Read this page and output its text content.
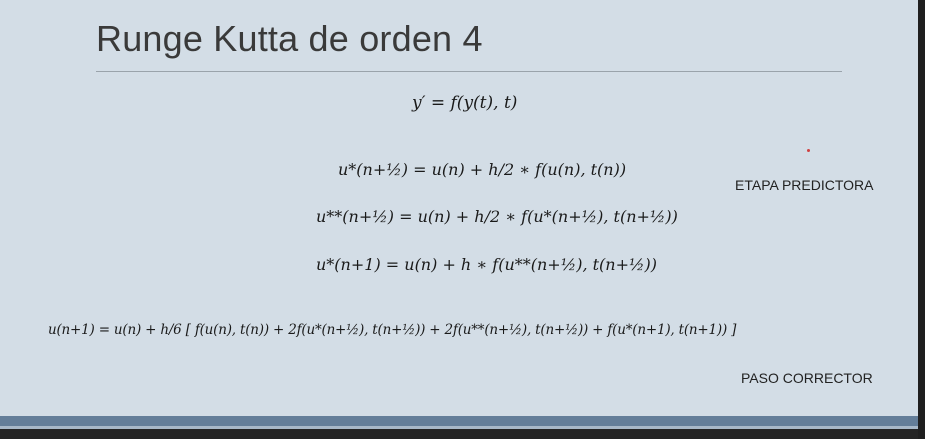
Runge Kutta de orden 4
y′ = f(y(t), t)
u*(n+½) = u(n) + h/2 ∗ f(u(n), t(n))
u**(n+½) = u(n) + h/2 ∗ f(u*(n+½), t(n+½))
u*(n+1) = u(n) + h ∗ f(u**(n+½), t(n+½))
u(n+1) = u(n) + h/6 [ f(u(n), t(n)) + 2f(u*(n+½), t(n+½)) + 2f(u**(n+½), t(n+½)) + f(u*(n+1), t(n+1)) ]
ETAPA PREDICTORA
PASO CORRECTOR
